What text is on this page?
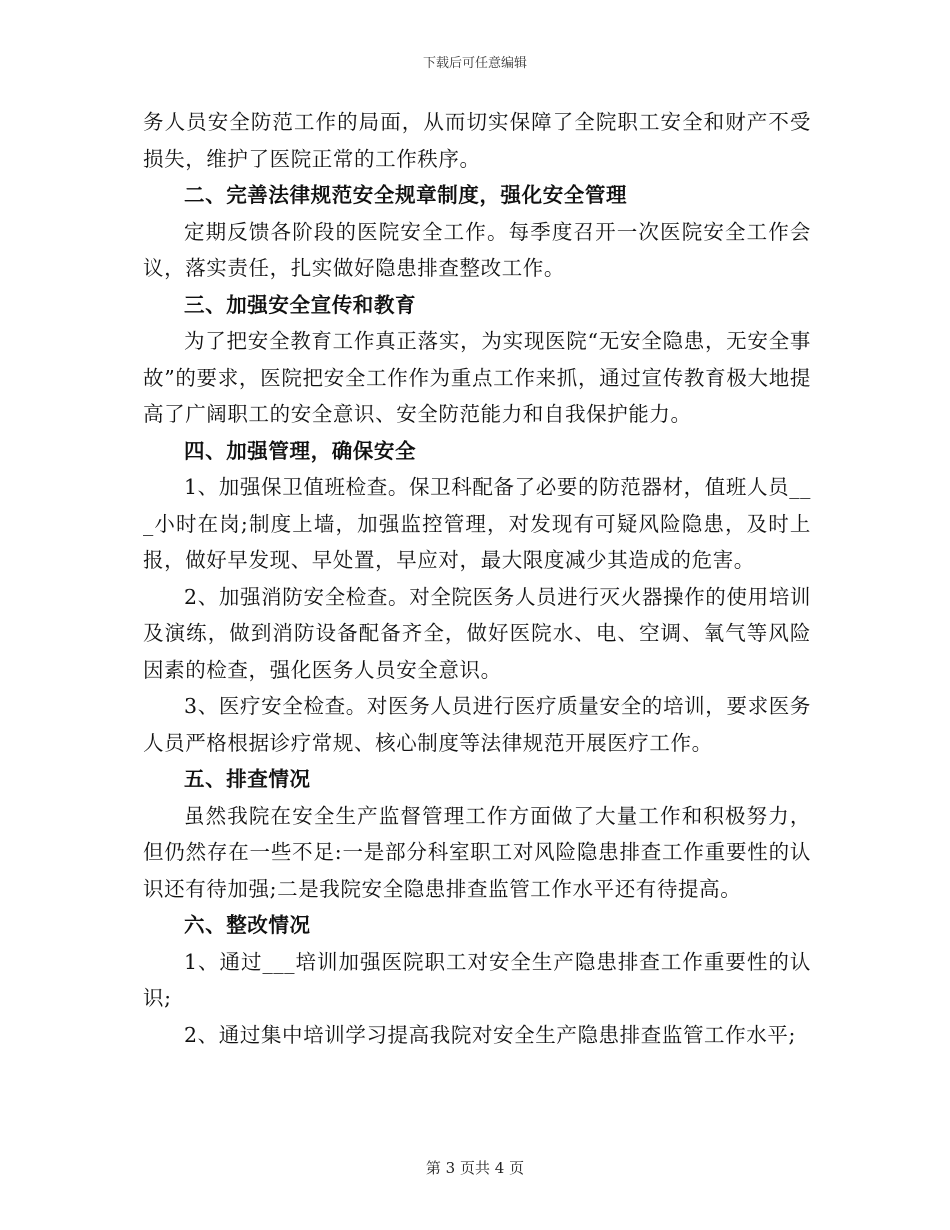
下载后可任意编辑

务人员安全防范工作的局面，从而切实保障了全院职工安全和财产不受损失，维护了医院正常的工作秩序。

二、完善法律规范安全规章制度，强化安全管理

定期反馈各阶段的医院安全工作。每季度召开一次医院安全工作会议，落实责任，扎实做好隐患排查整改工作。

三、加强安全宣传和教育

为了把安全教育工作真正落实，为实现医院“无安全隐患，无安全事故”的要求，医院把安全工作作为重点工作来抓，通过宣传教育极大地提高了广阔职工的安全意识、安全防范能力和自我保护能力。

四、加强管理，确保安全

1、加强保卫值班检查。保卫科配备了必要的防范器材，值班人员___小时在岗;制度上墙，加强监控管理，对发现有可疑风险隐患，及时上报，做好早发现、早处置，早应对，最大限度减少其造成的危害。

2、加强消防安全检查。对全院医务人员进行灭火器操作的使用培训及演练，做到消防设备配备齐全，做好医院水、电、空调、氧气等风险因素的检查，强化医务人员安全意识。

3、医疗安全检查。对医务人员进行医疗质量安全的培训，要求医务人员严格根据诊疗常规、核心制度等法律规范开展医疗工作。

五、排查情况

虽然我院在安全生产监督管理工作方面做了大量工作和积极努力，但仍然存在一些不足:一是部分科室职工对风险隐患排查工作重要性的认识还有待加强;二是我院安全隐患排查监管工作水平还有待提高。

六、整改情况

1、通过___培训加强医院职工对安全生产隐患排查工作重要性的认识;

2、通过集中培训学习提高我院对安全生产隐患排查监管工作水平;

第 3 页共 4 页
